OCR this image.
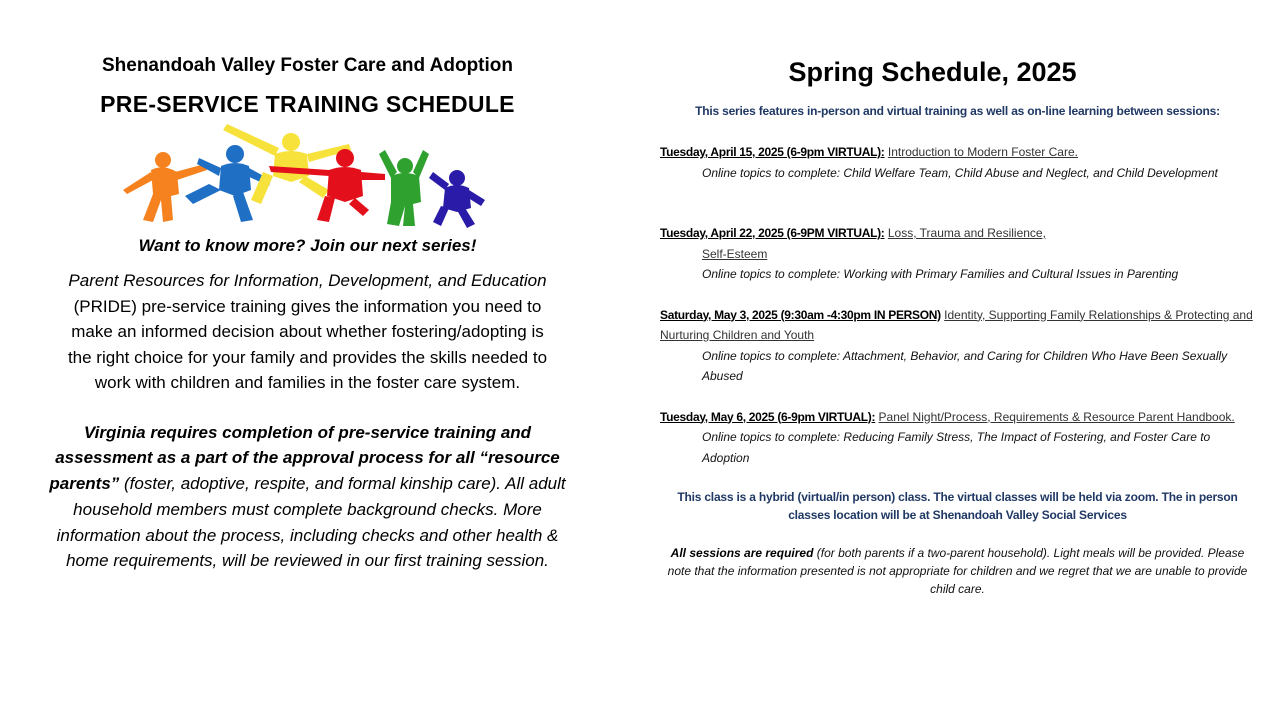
Shenandoah Valley Foster Care and Adoption

PRE-SERVICE TRAINING SCHEDULE

Want to know more? Join our next series!

Parent Resources for Information, Development, and Education (PRIDE) pre-service training gives the information you need to make an informed decision about whether fostering/adopting is the right choice for your family and provides the skills needed to work with children and families in the foster care system.

Virginia requires completion of pre-service training and assessment as a part of the approval process for all “resource parents” (foster, adoptive, respite, and formal kinship care). All adult household members must complete background checks. More information about the process, including checks and other health & home requirements, will be reviewed in our first training session.

Spring Schedule, 2025

This series features in-person and virtual training as well as on-line learning between sessions:

Tuesday, April 15, 2025 (6-9pm VIRTUAL): Introduction to Modern Foster Care.
Online topics to complete: Child Welfare Team, Child Abuse and Neglect, and Child Development
Tuesday, April 22, 2025 (6-9PM VIRTUAL): Loss, Trauma and Resilience,
Self-Esteem
Online topics to complete: Working with Primary Families and Cultural Issues in Parenting
Saturday, May 3, 2025 (9:30am -4:30pm IN PERSON) Identity, Supporting Family Relationships & Protecting and Nurturing Children and Youth
Online topics to complete: Attachment, Behavior, and Caring for Children Who Have Been Sexually Abused
Tuesday, May 6, 2025 (6-9pm VIRTUAL): Panel Night/Process, Requirements & Resource Parent Handbook.
Online topics to complete: Reducing Family Stress, The Impact of Fostering, and Foster Care to Adoption

This class is a hybrid (virtual/in person) class. The virtual classes will be held via zoom. The in person classes location will be at Shenandoah Valley Social Services

All sessions are required (for both parents if a two-parent household). Light meals will be provided. Please note that the information presented is not appropriate for children and we regret that we are unable to provide child care.
